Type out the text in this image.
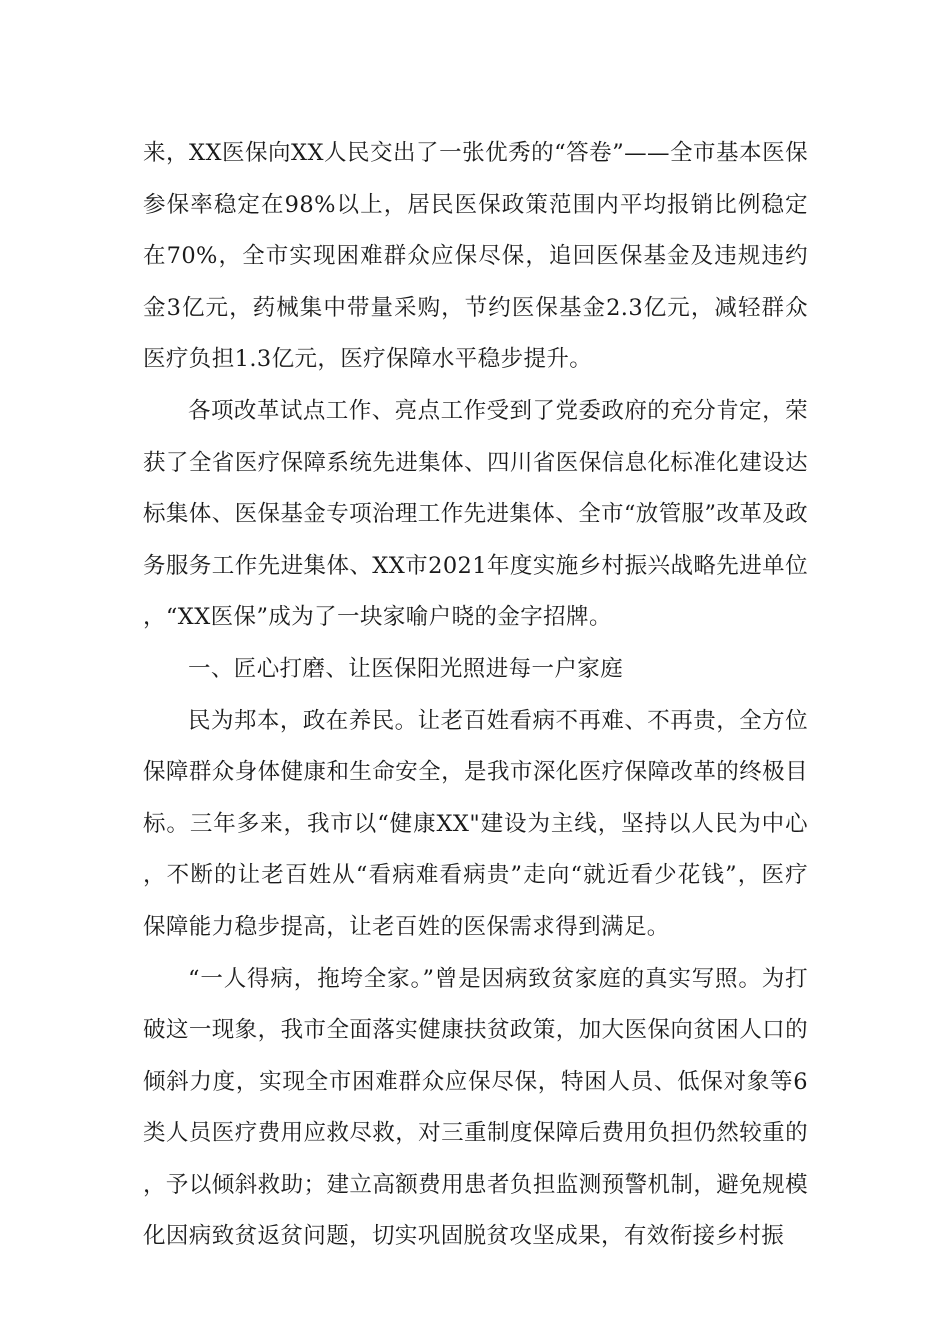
来，XX医保向XX人民交出了一张优秀的“答卷”——全市基本医保参保率稳定在98%以上，居民医保政策范围内平均报销比例稳定在70%，全市实现困难群众应保尽保，追回医保基金及违规违约金3亿元，药械集中带量采购，节约医保基金2.3亿元，减轻群众医疗负担1.3亿元，医疗保障水平稳步提升。

各项改革试点工作、亮点工作受到了党委政府的充分肯定，荣获了全省医疗保障系统先进集体、四川省医保信息化标准化建设达标集体、医保基金专项治理工作先进集体、全市“放管服”改革及政务服务工作先进集体、XX市2021年度实施乡村振兴战略先进单位，“XX医保”成为了一块家喻户晓的金字招牌。

一、匠心打磨、让医保阳光照进每一户家庭

民为邦本，政在养民。让老百姓看病不再难、不再贵，全方位保障群众身体健康和生命安全，是我市深化医疗保障改革的终极目标。三年多来，我市以“健康XX"建设为主线，坚持以人民为中心，不断的让老百姓从“看病难看病贵”走向“就近看少花钱”，医疗保障能力稳步提高，让老百姓的医保需求得到满足。

“一人得病，拖垮全家。”曾是因病致贫家庭的真实写照。为打破这一现象，我市全面落实健康扶贫政策，加大医保向贫困人口的倾斜力度，实现全市困难群众应保尽保，特困人员、低保对象等6类人员医疗费用应救尽救，对三重制度保障后费用负担仍然较重的，予以倾斜救助；建立高额费用患者负担监测预警机制，避免规模化因病致贫返贫问题，切实巩固脱贫攻坚成果，有效衔接乡村振
